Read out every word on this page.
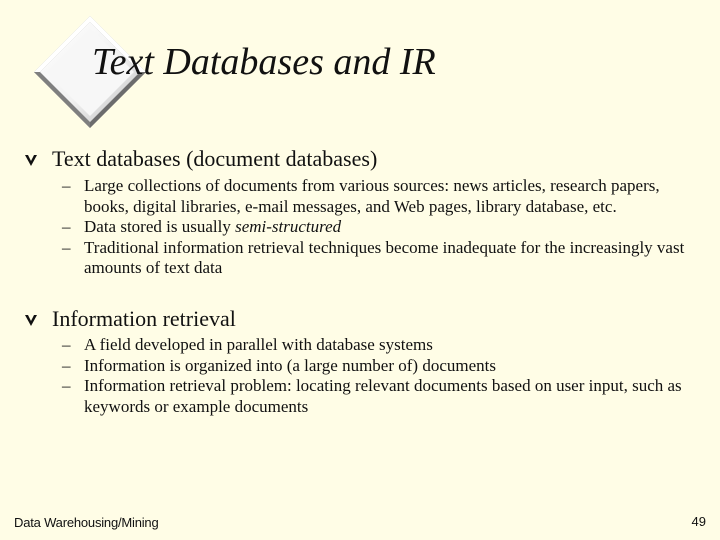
Text Databases and IR
Text databases (document databases)
– Large collections of documents from various sources: news articles, research papers, books, digital libraries, e-mail messages, and Web pages, library database, etc.
– Data stored is usually semi-structured
– Traditional information retrieval techniques become inadequate for the increasingly vast amounts of text data
Information retrieval
– A field developed in parallel with database systems
– Information is organized into (a large number of) documents
– Information retrieval problem: locating relevant documents based on user input, such as keywords or example documents
Data Warehousing/Mining	49
